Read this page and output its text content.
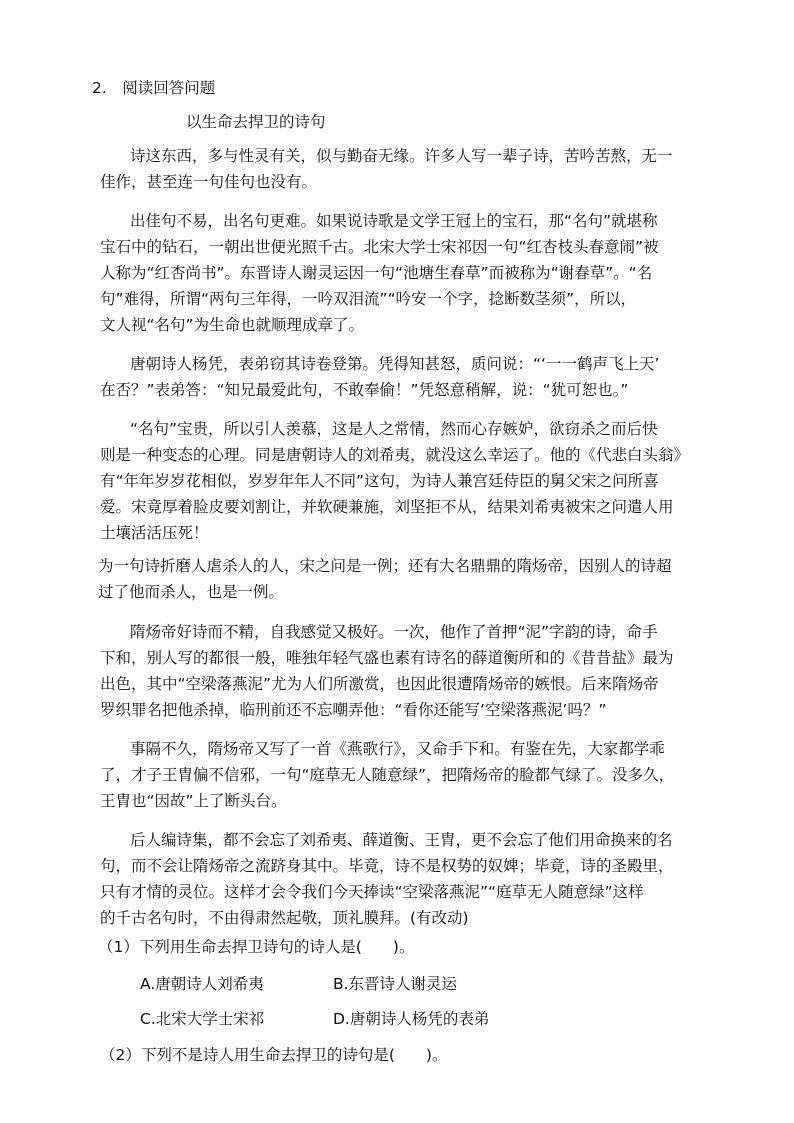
2.　阅读回答问题

以生命去捍卫的诗句

诗这东西，多与性灵有关，似与勤奋无缘。许多人写一辈子诗，苦吟苦熬，无一

佳作，甚至连一句佳句也没有。

出佳句不易，出名句更难。如果说诗歌是文学王冠上的宝石，那“名句”就堪称

宝石中的钻石，一朝出世便光照千古。北宋大学士宋祁因一句“红杏枝头春意闹”被

人称为“红杏尚书”。东晋诗人谢灵运因一句“池塘生春草”而被称为“谢春草”。“名

句”难得，所谓“两句三年得，一吟双泪流”“吟安一个字，捻断数茎须”，所以，

文人视“名句”为生命也就顺理成章了。

唐朝诗人杨凭，表弟窃其诗卷登第。凭得知甚怒，质问说：“‘一一鹤声飞上天’

在否？”表弟答：“知兄最爱此句，不敢奉偷！”凭怒意稍解，说：“犹可恕也。”

“名句”宝贵，所以引人羡慕，这是人之常情，然而心存嫉妒，欲窃杀之而后快

则是一种变态的心理。同是唐朝诗人的刘希夷，就没这么幸运了。他的《代悲白头翁》

有“年年岁岁花相似，岁岁年年人不同”这句，为诗人兼宫廷侍臣的舅父宋之问所喜

爱。宋竟厚着脸皮要刘割让，并软硬兼施，刘坚拒不从，结果刘希夷被宋之问遣人用

土壤活活压死！

为一句诗折磨人虐杀人的人，宋之问是一例；还有大名鼎鼎的隋炀帝，因别人的诗超

过了他而杀人，也是一例。

隋炀帝好诗而不精，自我感觉又极好。一次，他作了首押“泥”字韵的诗，命手

下和，别人写的都很一般，唯独年轻气盛也素有诗名的薛道衡所和的《昔昔盐》最为

出色，其中“空梁落燕泥”尤为人们所激赏，也因此很遭隋炀帝的嫉恨。后来隋炀帝

罗织罪名把他杀掉，临刑前还不忘嘲弄他：“看你还能写‘空梁落燕泥’吗？”

事隔不久，隋炀帝又写了一首《燕歌行》，又命手下和。有鉴在先，大家都学乖

了，才子王胄偏不信邪，一句“庭草无人随意绿”，把隋炀帝的脸都气绿了。没多久，

王胄也“因故”上了断头台。

后人编诗集，都不会忘了刘希夷、薛道衡、王胄，更不会忘了他们用命换来的名

句，而不会让隋炀帝之流跻身其中。毕竟，诗不是权势的奴婢；毕竟，诗的圣殿里，

只有才情的灵位。这样才会令我们今天捧读“空梁落燕泥”“庭草无人随意绿”这样

的千古名句时，不由得肃然起敬，顶礼膜拜。(有改动)

（1）下列用生命去捍卫诗句的诗人是(　　)。

A.唐朝诗人刘希夷	B.东晋诗人谢灵运

C.北宋大学士宋祁	D.唐朝诗人杨凭的表弟

（2）下列不是诗人用生命去捍卫的诗句是(　　)。
